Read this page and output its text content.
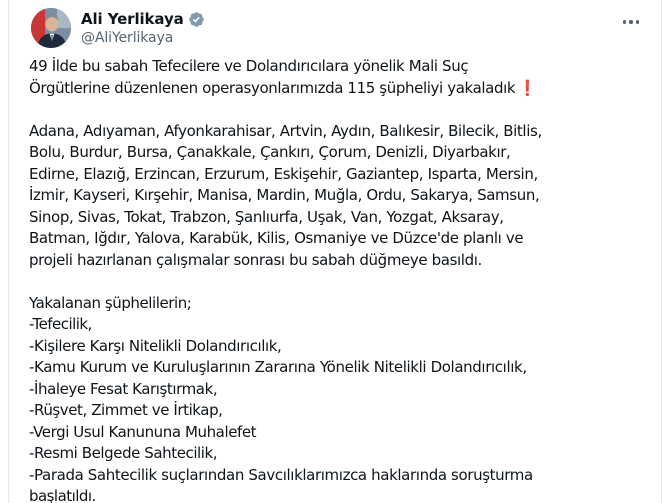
Ali Yerlikaya
@AliYerlikaya
49 İlde bu sabah Tefecilere ve Dolandırıcılara yönelik Mali Suç
Örgütlerine düzenlenen operasyonlarımızda 115 şüpheliyi yakaladık ❗
Adana, Adıyaman, Afyonkarahisar, Artvin, Aydın, Balıkesir, Bilecik, Bitlis,
Bolu, Burdur, Bursa, Çanakkale, Çankırı, Çorum, Denizli, Diyarbakır,
Edirne, Elazığ, Erzincan, Erzurum, Eskişehir, Gaziantep, Isparta, Mersin,
İzmir, Kayseri, Kırşehir, Manisa, Mardin, Muğla, Ordu, Sakarya, Samsun,
Sinop, Sivas, Tokat, Trabzon, Şanlıurfa, Uşak, Van, Yozgat, Aksaray,
Batman, Iğdır, Yalova, Karabük, Kilis, Osmaniye ve Düzce'de planlı ve
projeli hazırlanan çalışmalar sonrası bu sabah düğmeye basıldı.
Yakalanan şüphelilerin;
-Tefecilik,
-Kişilere Karşı Nitelikli Dolandırıcılık,
-Kamu Kurum ve Kuruluşlarının Zararına Yönelik Nitelikli Dolandırıcılık,
-İhaleye Fesat Karıştırmak,
-Rüşvet, Zimmet ve İrtikap,
-Vergi Usul Kanununa Muhalefet
-Resmi Belgede Sahtecilik,
-Parada Sahtecilik suçlarından Savcılıklarımızca haklarında soruşturma
başlatıldı.
